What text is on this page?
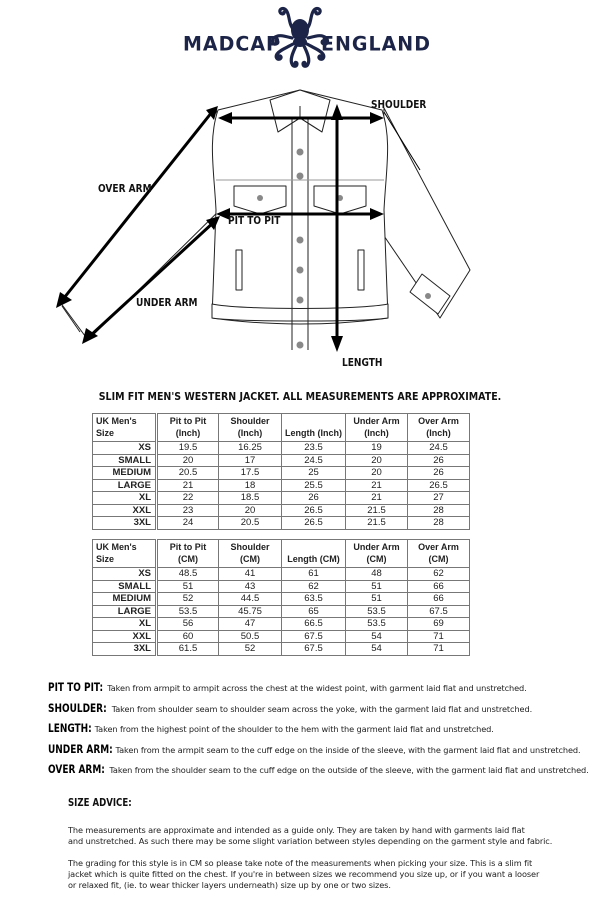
MADCAP ENGLAND
SHOULDER
OVER ARM
PIT TO PIT
UNDER ARM
LENGTH
SLIM FIT MEN'S WESTERN JACKET. ALL MEASUREMENTS ARE APPROXIMATE.
UK Men's Size	Pit to Pit (Inch)	Shoulder (Inch)	Length (Inch)	Under Arm (Inch)	Over Arm (Inch)
XS	19.5	16.25	23.5	19	24.5
SMALL	20	17	24.5	20	26
MEDIUM	20.5	17.5	25	20	26
LARGE	21	18	25.5	21	26.5
XL	22	18.5	26	21	27
XXL	23	20	26.5	21.5	28
3XL	24	20.5	26.5	21.5	28
UK Men's Size	Pit to Pit (CM)	Shoulder (CM)	Length (CM)	Under Arm (CM)	Over Arm (CM)
XS	48.5	41	61	48	62
SMALL	51	43	62	51	66
MEDIUM	52	44.5	63.5	51	66
LARGE	53.5	45.75	65	53.5	67.5
XL	56	47	66.5	53.5	69
XXL	60	50.5	67.5	54	71
3XL	61.5	52	67.5	54	71
PIT TO PIT: Taken from armpit to armpit across the chest at the widest point, with garment laid flat and unstretched.
SHOULDER: Taken from shoulder seam to shoulder seam across the yoke, with the garment laid flat and unstretched.
LENGTH: Taken from the highest point of the shoulder to the hem with the garment laid flat and unstretched.
UNDER ARM: Taken from the armpit seam to the cuff edge on the inside of the sleeve, with the garment laid flat and unstretched.
OVER ARM: Taken from the shoulder seam to the cuff edge on the outside of the sleeve, with the garment laid flat and unstretched.
SIZE ADVICE:

The measurements are approximate and intended as a guide only. They are taken by hand with garments laid flat
and unstretched. As such there may be some slight variation between styles depending on the garment style and fabric.

The grading for this style is in CM so please take note of the measurements when picking your size. This is a slim fit
jacket which is quite fitted on the chest. If you're in between sizes we recommend you size up, or if you want a looser
or relaxed fit, (ie. to wear thicker layers underneath) size up by one or two sizes.
